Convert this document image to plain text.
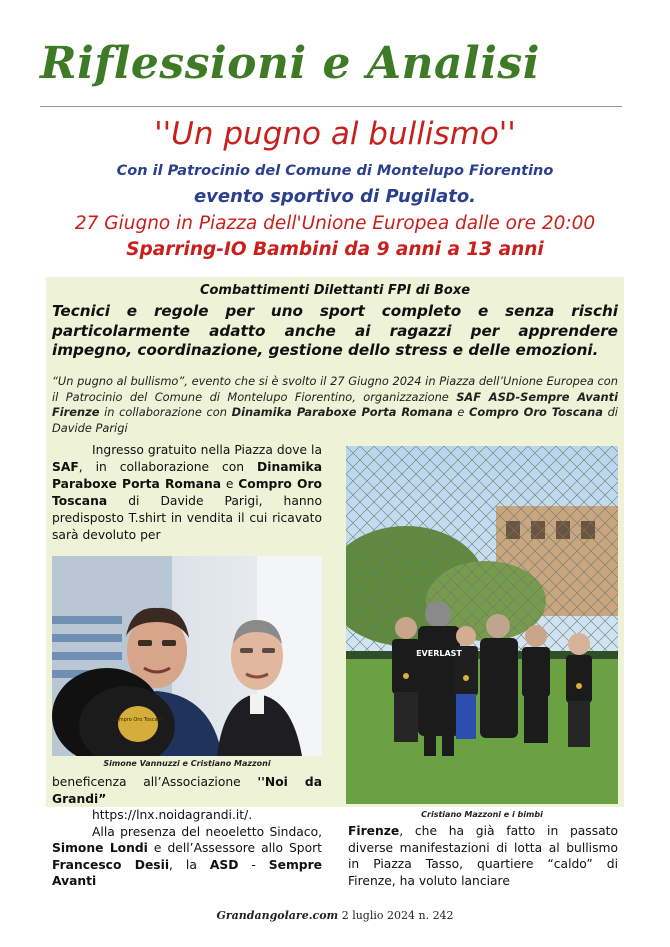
Riflessioni e Analisi
''Un pugno al bullismo''
Con il Patrocinio del Comune di Montelupo Fiorentino
evento sportivo di Pugilato.
27 Giugno in Piazza dell'Unione Europea dalle ore 20:00
Sparring-IO Bambini da 9 anni a 13 anni
Combattimenti Dilettanti FPI di Boxe
Tecnici e regole per uno sport completo e senza rischi particolarmente adatto anche ai ragazzi per apprendere impegno, coordinazione, gestione dello stress e delle emozioni.
“Un pugno al bullismo”, evento che si è svolto il 27 Giugno 2024 in Piazza dell’Unione Europea con il Patrocinio del Comune di Montelupo Fiorentino, organizzazione SAF ASD-Sempre Avanti Firenze in collaborazione con Dinamika Paraboxe Porta Romana e Compro Oro Toscana di Davide Parigi

Ingresso gratuito nella Piazza dove la SAF, in collaborazione con Dinamika Paraboxe Porta Romana e Compro Oro Toscana di Davide Parigi, hanno predisposto T.shirt in vendita il cui ricavato sarà devoluto per

Compro Oro Toscana
Simone Vannuzzi e Cristiano Mazzoni

beneficenza all’Associazione ''Noi da Grandi”

https://lnx.noidagrandi.it/.

Alla presenza del neoeletto Sindaco, Simone Londi e dell’Assessore allo Sport Francesco Desii, la ASD - Sempre Avanti

EVERLAST
Cristiano Mazzoni e i bimbi

Firenze, che ha già fatto in passato diverse manifestazioni di lotta al bullismo in Piazza Tasso, quartiere “caldo” di Firenze, ha voluto lanciare

Grandangolare.com 2 luglio 2024 n. 242
